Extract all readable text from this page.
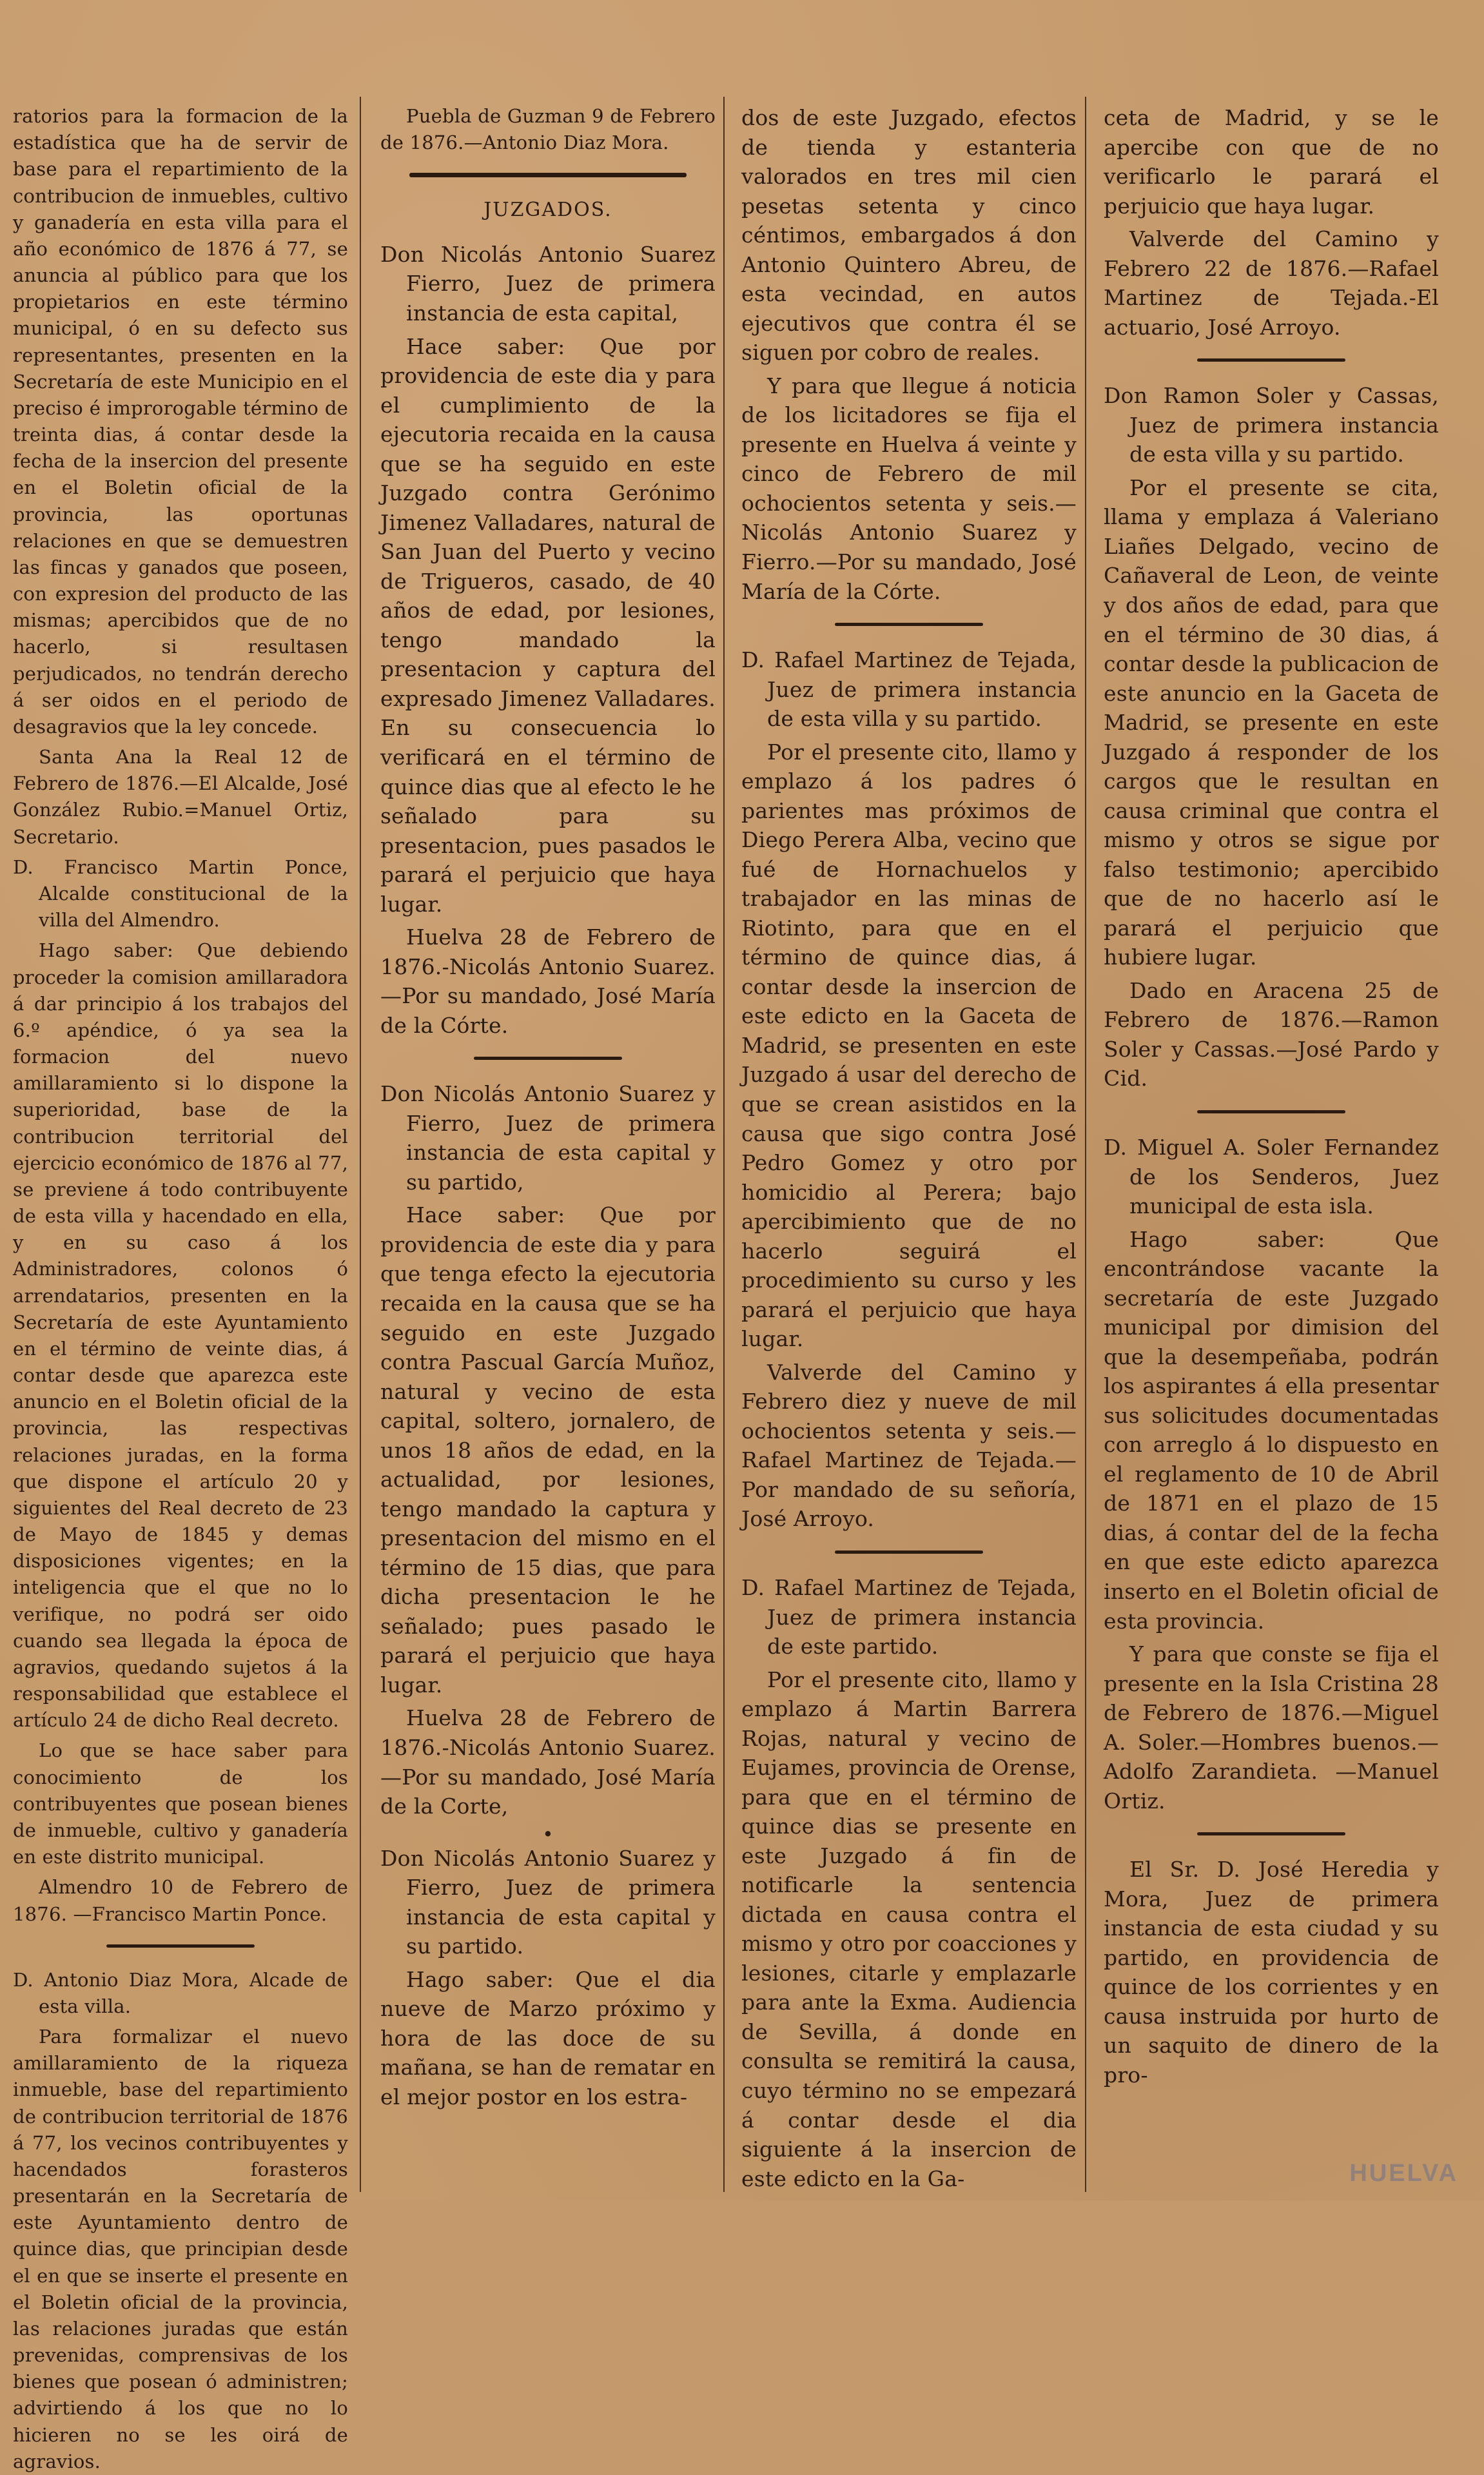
ratorios para la formacion de la estadística que ha de servir de base para el repartimiento de la contribucion de inmuebles, cultivo y ganadería en esta villa para el año económico de 1876 á 77, se anuncia al público para que los propietarios en este término municipal, ó en su defecto sus representantes, presenten en la Secretaría de este Municipio en el preciso é improrogable término de treinta dias, á contar desde la fecha de la insercion del presente en el Boletin oficial de la provincia, las oportunas relaciones en que se demuestren las fincas y ganados que poseen, con expresion del producto de las mismas; apercibidos que de no hacerlo, si resultasen perjudicados, no tendrán derecho á ser oidos en el periodo de desagravios que la ley concede.

Santa Ana la Real 12 de Febrero de 1876.—El Alcalde, José González Rubio.=Manuel Ortiz, Secretario.

D. Francisco Martin Ponce, Alcalde constitucional de la villa del Almendro.

Hago saber: Que debiendo proceder la comision amillaradora á dar principio á los trabajos del 6.º apéndice, ó ya sea la formacion del nuevo amillaramiento si lo dispone la superioridad, base de la contribucion territorial del ejercicio económico de 1876 al 77, se previene á todo contribuyente de esta villa y hacendado en ella, y en su caso á los Administradores, colonos ó arrendatarios, presenten en la Secretaría de este Ayuntamiento en el término de veinte dias, á contar desde que aparezca este anuncio en el Boletin oficial de la provincia, las respectivas relaciones juradas, en la forma que dispone el artículo 20 y siguientes del Real decreto de 23 de Mayo de 1845 y demas disposiciones vigentes; en la inteligencia que el que no lo verifique, no podrá ser oido cuando sea llegada la época de agravios, quedando sujetos á la responsabilidad que establece el artículo 24 de dicho Real decreto.

Lo que se hace saber para conocimiento de los contribuyentes que posean bienes de inmueble, cultivo y ganadería en este distrito municipal.

Almendro 10 de Febrero de 1876. —Francisco Martin Ponce.

D. Antonio Diaz Mora, Alcade de esta villa.

Para formalizar el nuevo amillaramiento de la riqueza inmueble, base del repartimiento de contribucion territorial de 1876 á 77, los vecinos contribuyentes y hacendados forasteros presentarán en la Secretaría de este Ayuntamiento dentro de quince dias, que principian desde el en que se inserte el presente en el Boletin oficial de la provincia, las relaciones juradas que están prevenidas, comprensivas de los bienes que posean ó administren; advirtiendo á los que no lo hicieren no se les oirá de agravios.

Puebla de Guzman 9 de Febrero de 1876.—Antonio Diaz Mora.

JUZGADOS.

Don Nicolás Antonio Suarez Fierro, Juez de primera instancia de esta capital,

Hace saber: Que por providencia de este dia y para el cumplimiento de la ejecutoria recaida en la causa que se ha seguido en este Juzgado contra Gerónimo Jimenez Valladares, natural de San Juan del Puerto y vecino de Trigueros, casado, de 40 años de edad, por lesiones, tengo mandado la presentacion y captura del expresado Jimenez Valladares. En su consecuencia lo verificará en el término de quince dias que al efecto le he señalado para su presentacion, pues pasados le parará el perjuicio que haya lugar.

Huelva 28 de Febrero de 1876.-Nicolás Antonio Suarez.—Por su mandado, José María de la Córte.

Don Nicolás Antonio Suarez y Fierro, Juez de primera instancia de esta capital y su partido,

Hace saber: Que por providencia de este dia y para que tenga efecto la ejecutoria recaida en la causa que se ha seguido en este Juzgado contra Pascual García Muñoz, natural y vecino de esta capital, soltero, jornalero, de unos 18 años de edad, en la actualidad, por lesiones, tengo mandado la captura y presentacion del mismo en el término de 15 dias, que para dicha presentacion le he señalado; pues pasado le parará el perjuicio que haya lugar.

Huelva 28 de Febrero de 1876.-Nicolás Antonio Suarez.—Por su mandado, José María de la Corte,

•

Don Nicolás Antonio Suarez y Fierro, Juez de primera instancia de esta capital y su partido.

Hago saber: Que el dia nueve de Marzo próximo y hora de las doce de su mañana, se han de rematar en el mejor postor en los estra-

dos de este Juzgado, efectos de tienda y estanteria valorados en tres mil cien pesetas setenta y cinco céntimos, embargados á don Antonio Quintero Abreu, de esta vecindad, en autos ejecutivos que contra él se siguen por cobro de reales.

Y para que llegue á noticia de los licitadores se fija el presente en Huelva á veinte y cinco de Febrero de mil ochocientos setenta y seis.—Nicolás Antonio Suarez y Fierro.—Por su mandado, José María de la Córte.

D. Rafael Martinez de Tejada, Juez de primera instancia de esta villa y su partido.

Por el presente cito, llamo y emplazo á los padres ó parientes mas próximos de Diego Perera Alba, vecino que fué de Hornachuelos y trabajador en las minas de Riotinto, para que en el término de quince dias, á contar desde la insercion de este edicto en la Gaceta de Madrid, se presenten en este Juzgado á usar del derecho de que se crean asistidos en la causa que sigo contra José Pedro Gomez y otro por homicidio al Perera; bajo apercibimiento que de no hacerlo seguirá el procedimiento su curso y les parará el perjuicio que haya lugar.

Valverde del Camino y Febrero diez y nueve de mil ochocientos setenta y seis.—Rafael Martinez de Tejada.—Por mandado de su señoría, José Arroyo.

D. Rafael Martinez de Tejada, Juez de primera instancia de este partido.

Por el presente cito, llamo y emplazo á Martin Barrera Rojas, natural y vecino de Eujames, provincia de Orense, para que en el término de quince dias se presente en este Juzgado á fin de notificarle la sentencia dictada en causa contra el mismo y otro por coacciones y lesiones, citarle y emplazarle para ante la Exma. Audiencia de Sevilla, á donde en consulta se remitirá la causa, cuyo término no se empezará á contar desde el dia siguiente á la insercion de este edicto en la Ga-

ceta de Madrid, y se le apercibe con que de no verificarlo le parará el perjuicio que haya lugar.

Valverde del Camino y Febrero 22 de 1876.—Rafael Martinez de Tejada.-El actuario, José Arroyo.

Don Ramon Soler y Cassas, Juez de primera instancia de esta villa y su partido.

Por el presente se cita, llama y emplaza á Valeriano Liañes Delgado, vecino de Cañaveral de Leon, de veinte y dos años de edad, para que en el término de 30 dias, á contar desde la publicacion de este anuncio en la Gaceta de Madrid, se presente en este Juzgado á responder de los cargos que le resultan en causa criminal que contra el mismo y otros se sigue por falso testimonio; apercibido que de no hacerlo así le parará el perjuicio que hubiere lugar.

Dado en Aracena 25 de Febrero de 1876.—Ramon Soler y Cassas.—José Pardo y Cid.

D. Miguel A. Soler Fernandez de los Senderos, Juez municipal de esta isla.

Hago saber: Que encontrándose vacante la secretaría de este Juzgado municipal por dimision del que la desempeñaba, podrán los aspirantes á ella presentar sus solicitudes documentadas con arreglo á lo dispuesto en el reglamento de 10 de Abril de 1871 en el plazo de 15 dias, á contar del de la fecha en que este edicto aparezca inserto en el Boletin oficial de esta provincia.

Y para que conste se fija el presente en la Isla Cristina 28 de Febrero de 1876.—Miguel A. Soler.—Hombres buenos.—Adolfo Zarandieta. —Manuel Ortiz.

El Sr. D. José Heredia y Mora, Juez de primera instancia de esta ciudad y su partido, en providencia de quince de los corrientes y en causa instruida por hurto de un saquito de dinero de la pro-

HUELVA
